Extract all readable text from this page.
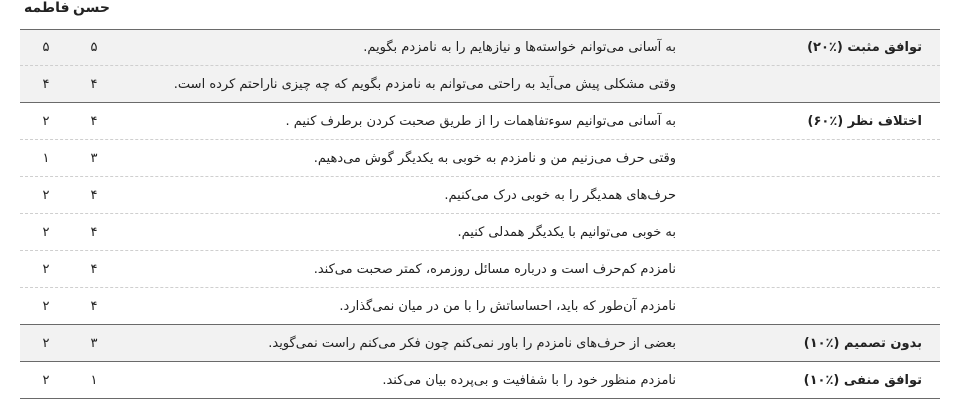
فاطمه حسن
توافق مثبت (٪۲۰)
به آسانی می‌توانم خواسته‌ها و نیازهایم را به نامزدم بگویم.
۵
۵
وقتی مشکلی پیش می‌آید به راحتی می‌توانم به نامزدم بگویم که چه چیزی ناراحتم کرده است.
۴
۴
اختلاف نظر (٪۶۰)
به آسانی می‌توانیم سوءتفاهمات را از طریق صحبت کردن برطرف کنیم .
۴
۲
وقتی حرف می‌زنیم من و نامزدم به خوبی به یکدیگر گوش می‌دهیم.
۳
۱
حرف‌های همدیگر را به خوبی درک می‌کنیم.
۴
۲
به خوبی می‌توانیم با یکدیگر همدلی کنیم.
۴
۲
نامزدم کم‌حرف است و درباره مسائل روزمره، کمتر صحبت می‌کند.
۴
۲
نامزدم آن‌طور که باید، احساساتش را با من در میان نمی‌گذارد.
۴
۲
بدون تصمیم (٪۱۰)
بعضی از حرف‌های نامزدم را باور نمی‌کنم چون فکر می‌کنم راست نمی‌گوید.
۳
۲
توافق منفی (٪۱۰)
نامزدم منظور خود را با شفافیت و بی‌پرده بیان می‌کند.
۱
۲
